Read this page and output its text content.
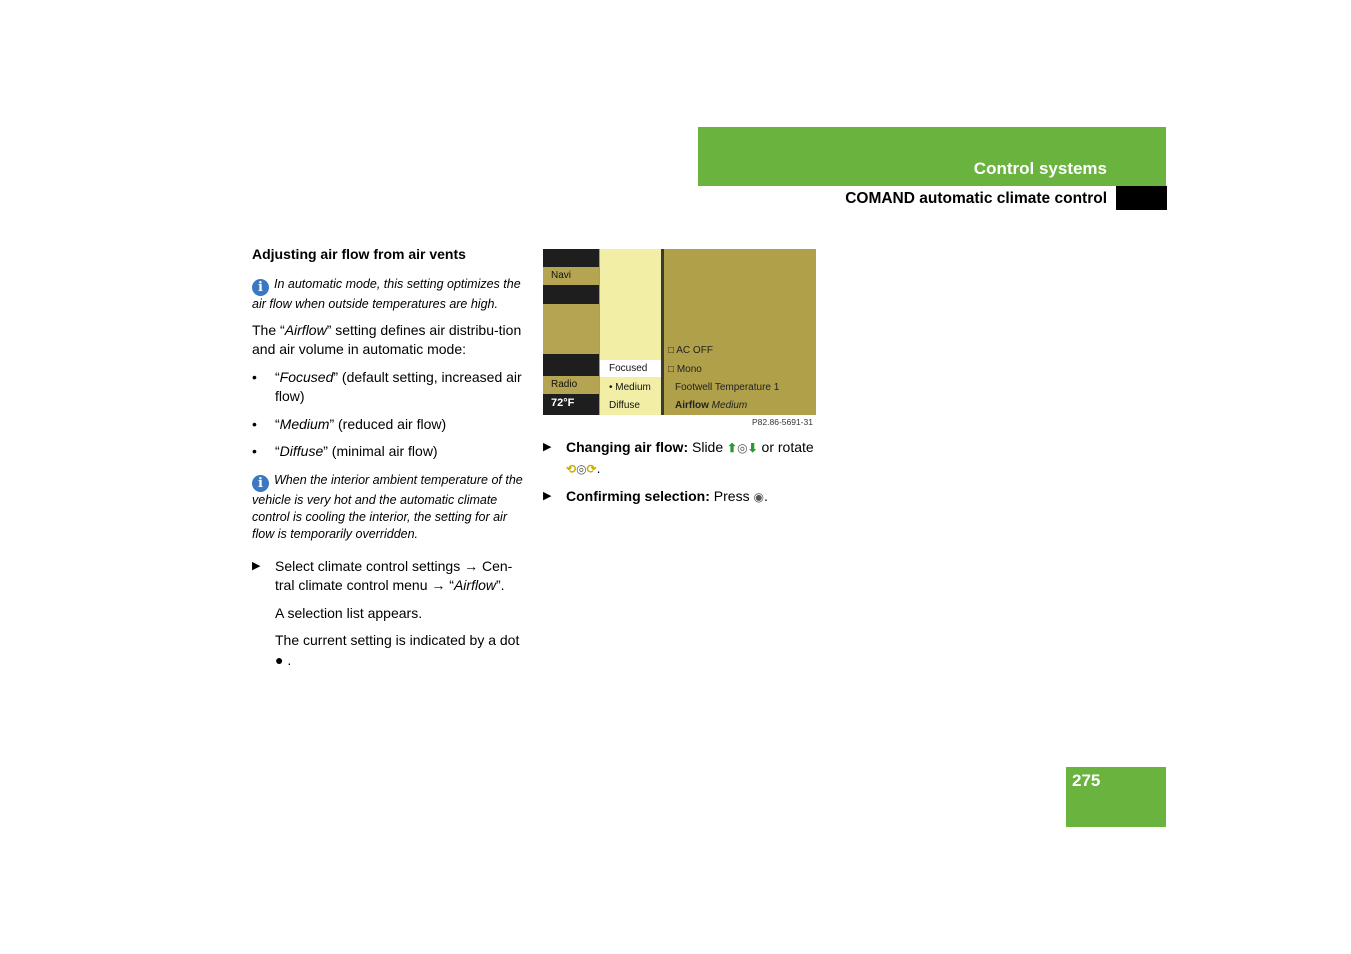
Control systems
COMAND automatic climate control
Adjusting air flow from air vents
i In automatic mode, this setting optimizes the air flow when outside temperatures are high.

The “Airflow” setting defines air distribu-tion and air volume in automatic mode:

• “Focused” (default setting, increased air flow)
• “Medium” (reduced air flow)
• “Diffuse” (minimal air flow)
i When the interior ambient temperature of the vehicle is very hot and the automatic climate control is cooling the interior, the setting for air flow is temporarily overridden.
▶ Select climate control settings → Cen-tral climate control menu → “Airflow”.
A selection list appears.
The current setting is indicated by a dot ● .
Navi
Radio
72°F
Focused
• Medium
Diffuse
□ AC OFF
□ Mono
Footwell Temperature 1
Airflow Medium
P82.86-5691-31
▶ Changing air flow: Slide ⬆◎⬇ or rotate ⟲◎⟳.
▶ Confirming selection: Press ◉.
275
